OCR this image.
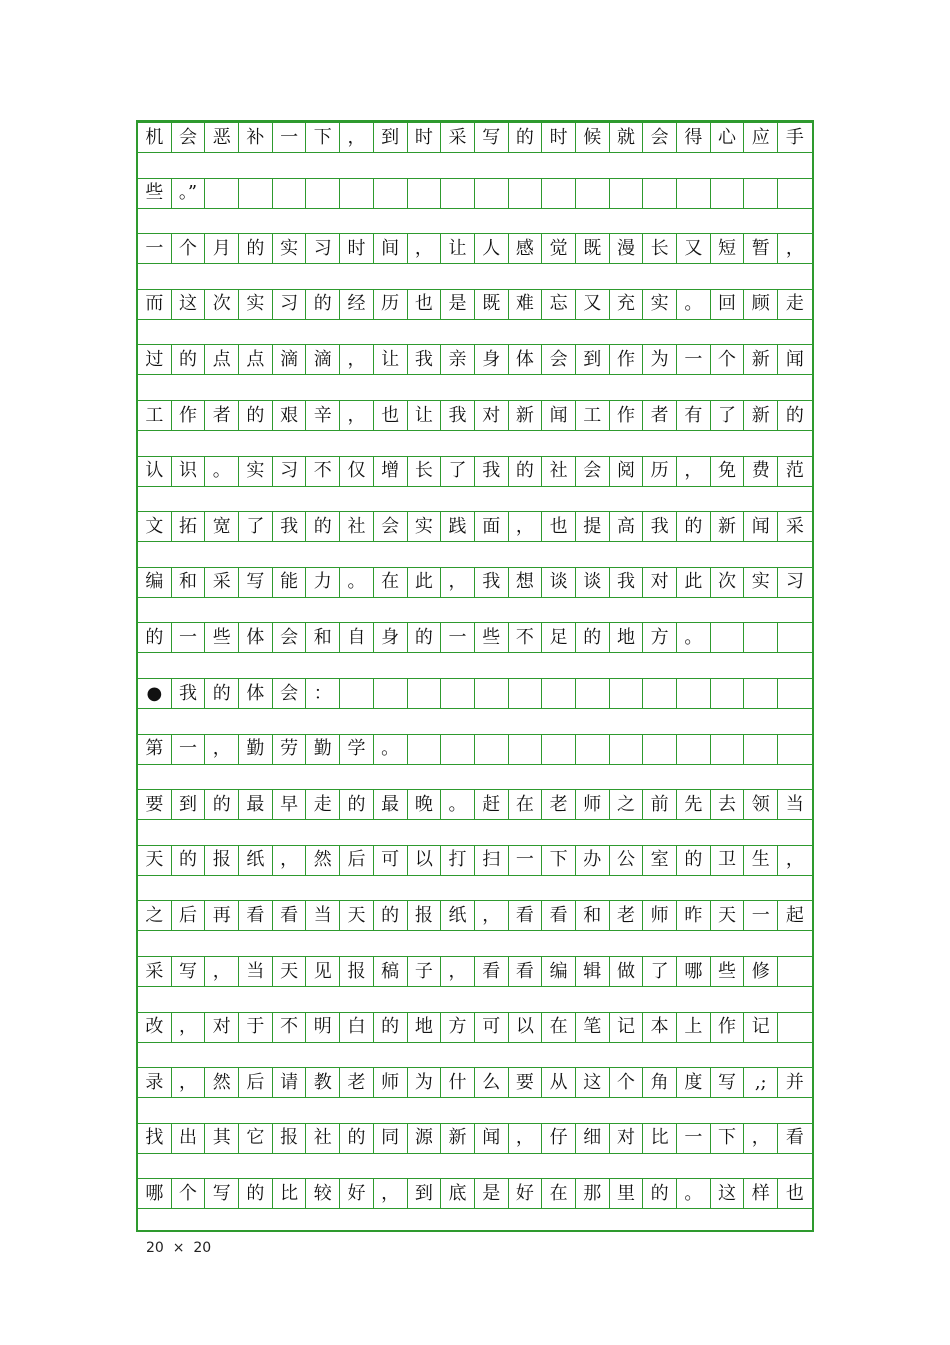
机 会 恶 补 一 下 ， 到 时 采 写 的 时 候 就 会 得 心 应 手
些 。”
一 个 月 的 实 习 时 间 ， 让 人 感 觉 既 漫 长 又 短 暂 ，
而 这 次 实 习 的 经 历 也 是 既 难 忘 又 充 实 。 回 顾 走
过 的 点 点 滴 滴 ， 让 我 亲 身 体 会 到 作 为 一 个 新 闻
工 作 者 的 艰 辛 ， 也 让 我 对 新 闻 工 作 者 有 了 新 的
认 识 。 实 习 不 仅 增 长 了 我 的 社 会 阅 历 ， 免 费 范
文 拓 宽 了 我 的 社 会 实 践 面 ， 也 提 高 我 的 新 闻 采
编 和 采 写 能 力 。 在 此 ， 我 想 谈 谈 我 对 此 次 实 习
的 一 些 体 会 和 自 身 的 一 些 不 足 的 地 方 。
● 我 的 体 会 ：
第 一 ， 勤 劳 勤 学 。
要 到 的 最 早 走 的 最 晚 。 赶 在 老 师 之 前 先 去 领 当
天 的 报 纸 ， 然 后 可 以 打 扫 一 下 办 公 室 的 卫 生 ，
之 后 再 看 看 当 天 的 报 纸 ， 看 看 和 老 师 昨 天 一 起
采 写 ， 当 天 见 报 稿 子 ， 看 看 编 辑 做 了 哪 些 修
改 ， 对 于 不 明 白 的 地 方 可 以 在 笔 记 本 上 作 记
录 ， 然 后 请 教 老 师 为 什 么 要 从 这 个 角 度 写	,;	并
找 出 其 它 报 社 的 同 源 新 闻 ， 仔 细 对 比 一 下 ， 看
哪 个 写 的 比 较 好 ， 到 底 是 好 在 那 里 的 。 这 样 也
20  ×  20
